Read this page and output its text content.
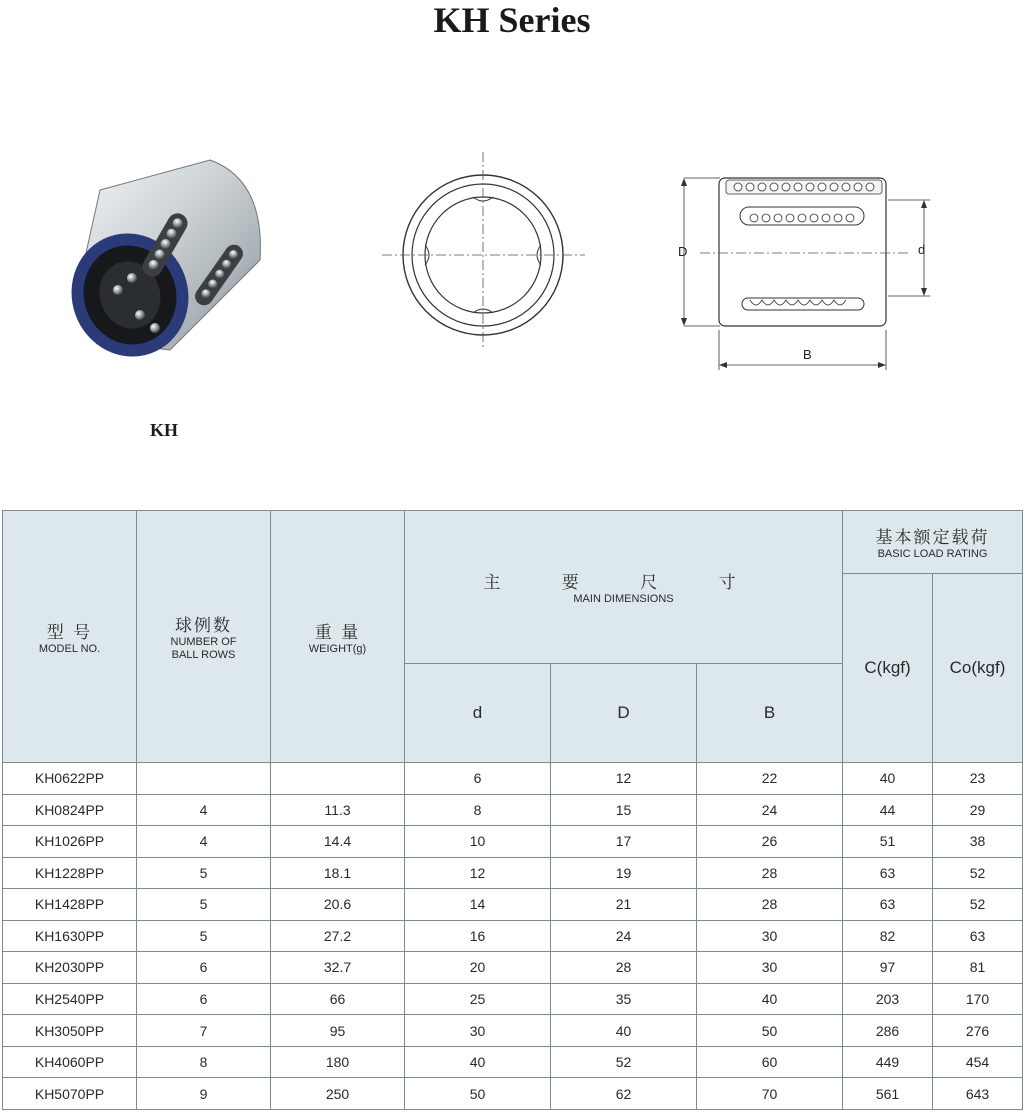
KH Series
KH
D	d
B
型 号
MODEL NO.	球例数
NUMBER OF BALL ROWS	重 量
WEIGHT(g)	主 要 尺 寸
MAIN DIMENSIONS			基本额定载荷
BASIC LOAD RATING	

						C(kgf)	Co(kgf)
			d	D	B		
KH0622PP			6	12	22	40	23
KH0824PP	4	11.3	8	15	24	44	29
KH1026PP	4	14.4	10	17	26	51	38
KH1228PP	5	18.1	12	19	28	63	52
KH1428PP	5	20.6	14	21	28	63	52
KH1630PP	5	27.2	16	24	30	82	63
KH2030PP	6	32.7	20	28	30	97	81
KH2540PP	6	66	25	35	40	203	170
KH3050PP	7	95	30	40	50	286	276
KH4060PP	8	180	40	52	60	449	454
KH5070PP	9	250	50	62	70	561	643
